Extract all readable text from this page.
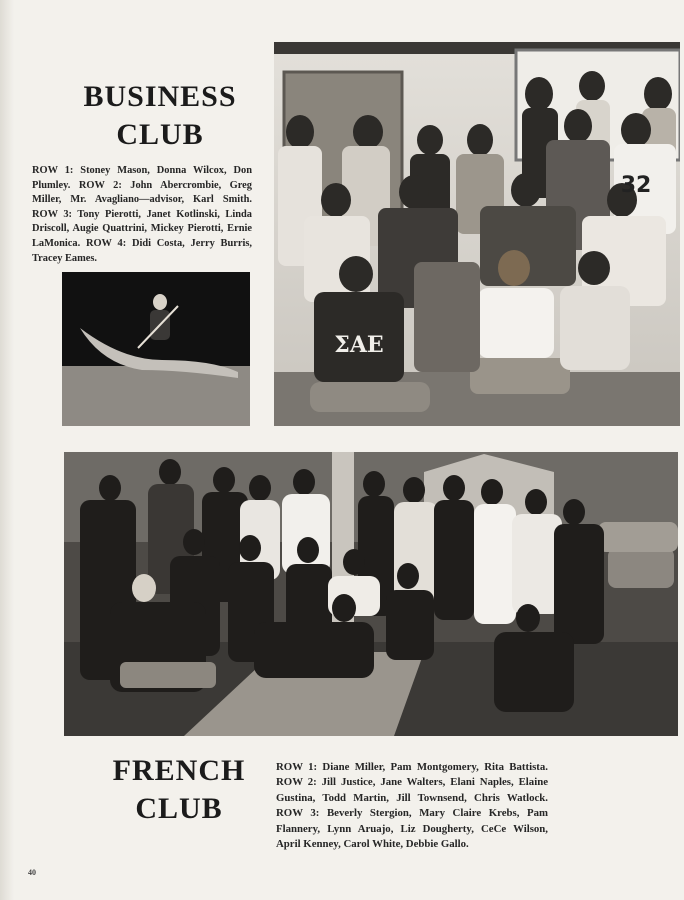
BUSINESS
CLUB
ROW 1: Stoney Mason, Donna Wilcox, Don Plumley. ROW 2: John Abercrombie, Greg Miller, Mr. Avagliano—advisor, Karl Smith. ROW 3: Tony Pierotti, Janet Kotlinski, Linda Driscoll, Augie Quattrini, Mickey Pierotti, Ernie LaMonica. ROW 4: Didi Costa, Jerry Burris, Tracey Eames.
ΣΑΕ
32
FRENCH
CLUB
ROW 1: Diane Miller, Pam Montgomery, Rita Battista. ROW 2: Jill Justice, Jane Walters, Elani Naples, Elaine Gustina, Todd Martin, Jill Townsend, Chris Watlock. ROW 3: Beverly Stergion, Mary Claire Krebs, Pam Flannery, Lynn Aruajo, Liz Dougherty, CeCe Wilson, April Kenney, Carol White, Debbie Gallo.
40
